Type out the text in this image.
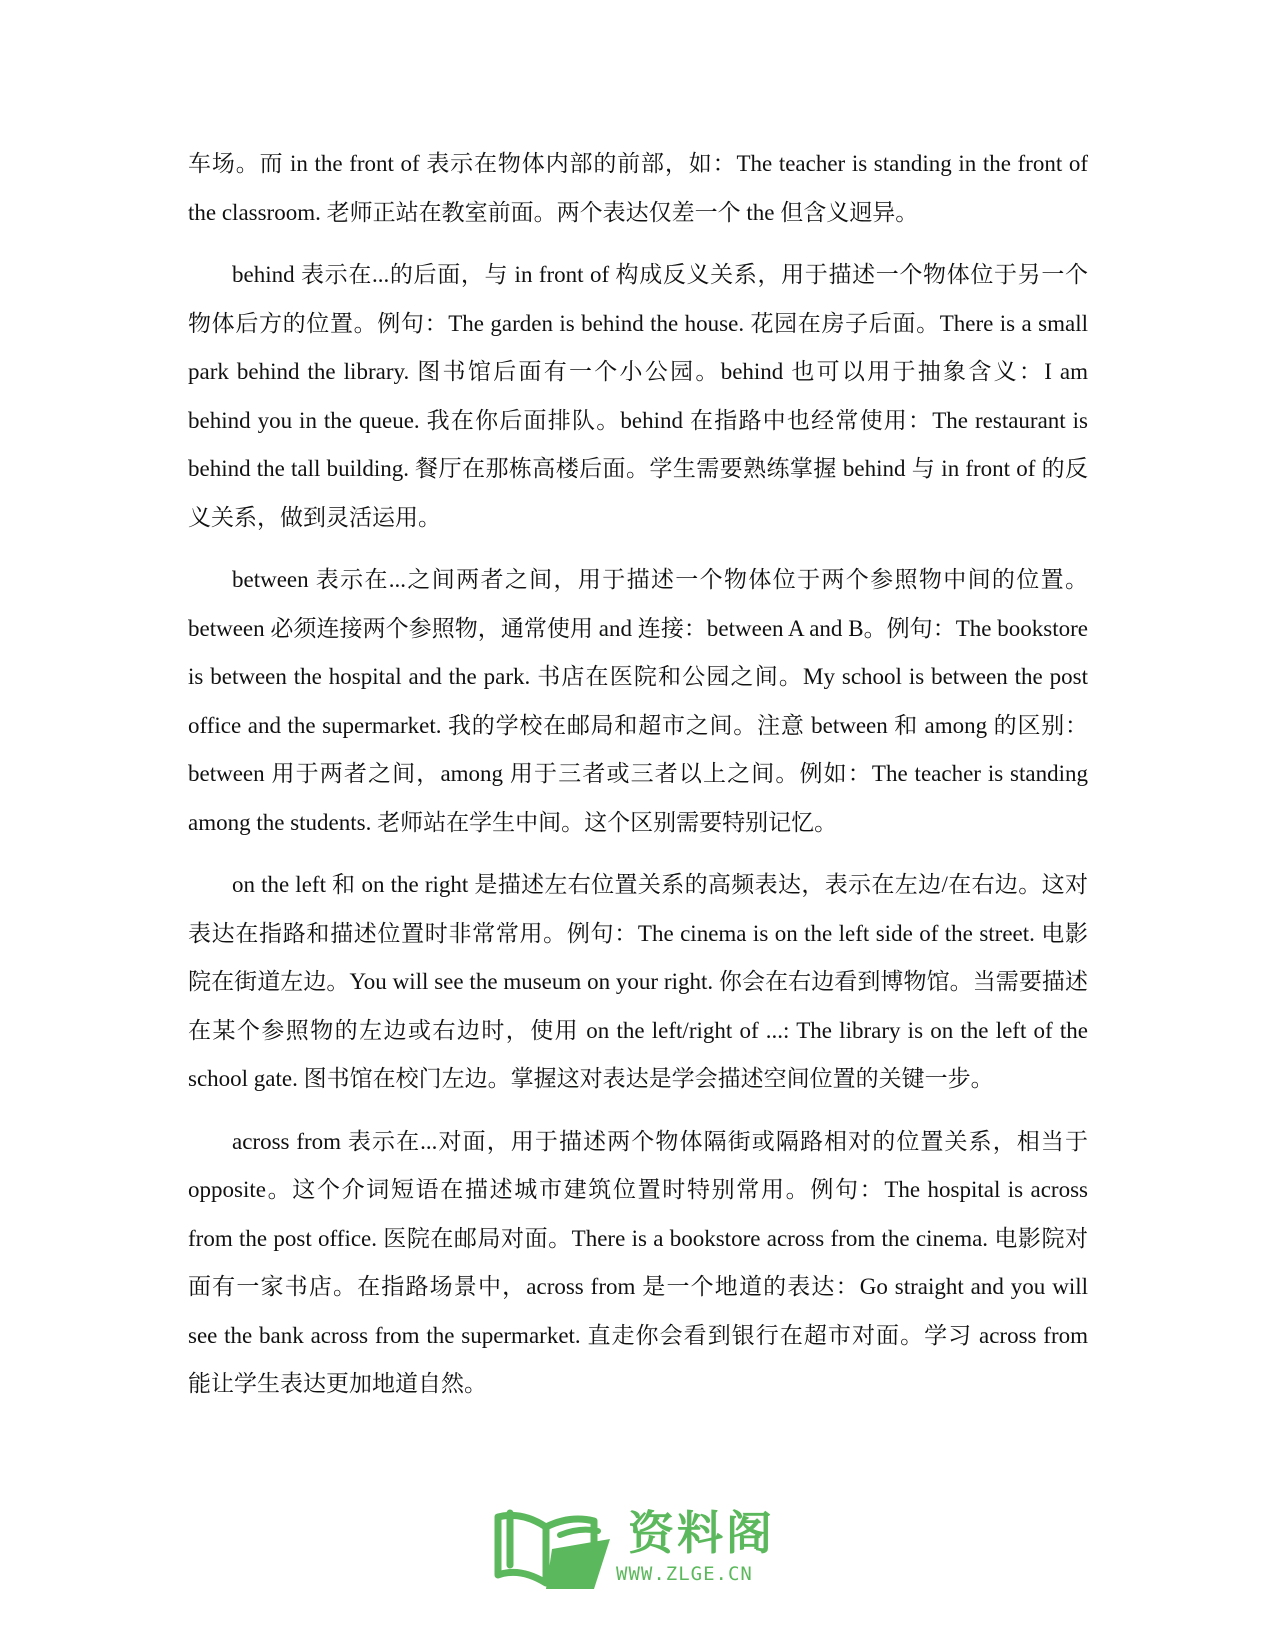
车场。而 in the front of 表示在物体内部的前部，如：The teacher is standing in the front of the classroom. 老师正站在教室前面。两个表达仅差一个 the 但含义迥异。

behind 表示在...的后面，与 in front of 构成反义关系，用于描述一个物体位于另一个物体后方的位置。例句：The garden is behind the house. 花园在房子后面。There is a small park behind the library. 图书馆后面有一个小公园。behind 也可以用于抽象含义：I am behind you in the queue. 我在你后面排队。behind 在指路中也经常使用：The restaurant is behind the tall building. 餐厅在那栋高楼后面。学生需要熟练掌握 behind 与 in front of 的反义关系，做到灵活运用。

between 表示在...之间两者之间，用于描述一个物体位于两个参照物中间的位置。between 必须连接两个参照物，通常使用 and 连接：between A and B。例句：The bookstore is between the hospital and the park. 书店在医院和公园之间。My school is between the post office and the supermarket. 我的学校在邮局和超市之间。注意 between 和 among 的区别：between 用于两者之间，among 用于三者或三者以上之间。例如：The teacher is standing among the students. 老师站在学生中间。这个区别需要特别记忆。

on the left 和 on the right 是描述左右位置关系的高频表达，表示在左边/在右边。这对表达在指路和描述位置时非常常用。例句：The cinema is on the left side of the street. 电影院在街道左边。You will see the museum on your right. 你会在右边看到博物馆。当需要描述在某个参照物的左边或右边时，使用 on the left/right of ...: The library is on the left of the school gate. 图书馆在校门左边。掌握这对表达是学会描述空间位置的关键一步。

across from 表示在...对面，用于描述两个物体隔街或隔路相对的位置关系，相当于 opposite。这个介词短语在描述城市建筑位置时特别常用。例句：The hospital is across from the post office. 医院在邮局对面。There is a bookstore across from the cinema. 电影院对面有一家书店。在指路场景中，across from 是一个地道的表达：Go straight and you will see the bank across from the supermarket. 直走你会看到银行在超市对面。学习 across from 能让学生表达更加地道自然。

资料阁
WWW.ZLGE.CN
